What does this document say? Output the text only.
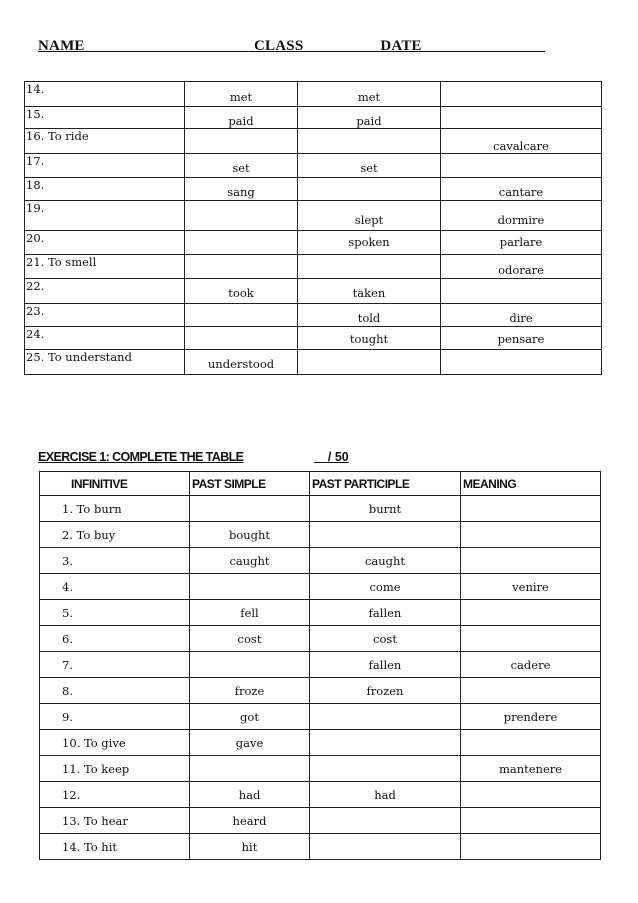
NAME______________________CLASS__________DATE________________
14.	met	met	

15.	paid	paid	

16. To ride			cavalcare

17.	set	set	

18.	sang		cantare

19.		slept	dormire

20.		spoken	parlare

21. To smell			odorare

22.	took	taken	

23.		told	dire

24.		tought	pensare

25. To understand	understood		

EXERCISE 1: COMPLETE THE TABLE	__/ 50
INFINITIVE	PAST SIMPLE	PAST PARTICIPLE	MEANING
1. To burn		burnt	
2. To buy	bought		
3.	caught	caught	
4.		come	venire
5.	fell	fallen	
6.	cost	cost	
7.		fallen	cadere
8.	froze	frozen	
9.	got		prendere
10. To give	gave		
11. To keep			mantenere
12.	had	had	
13. To hear	heard		
14. To hit	hit		
